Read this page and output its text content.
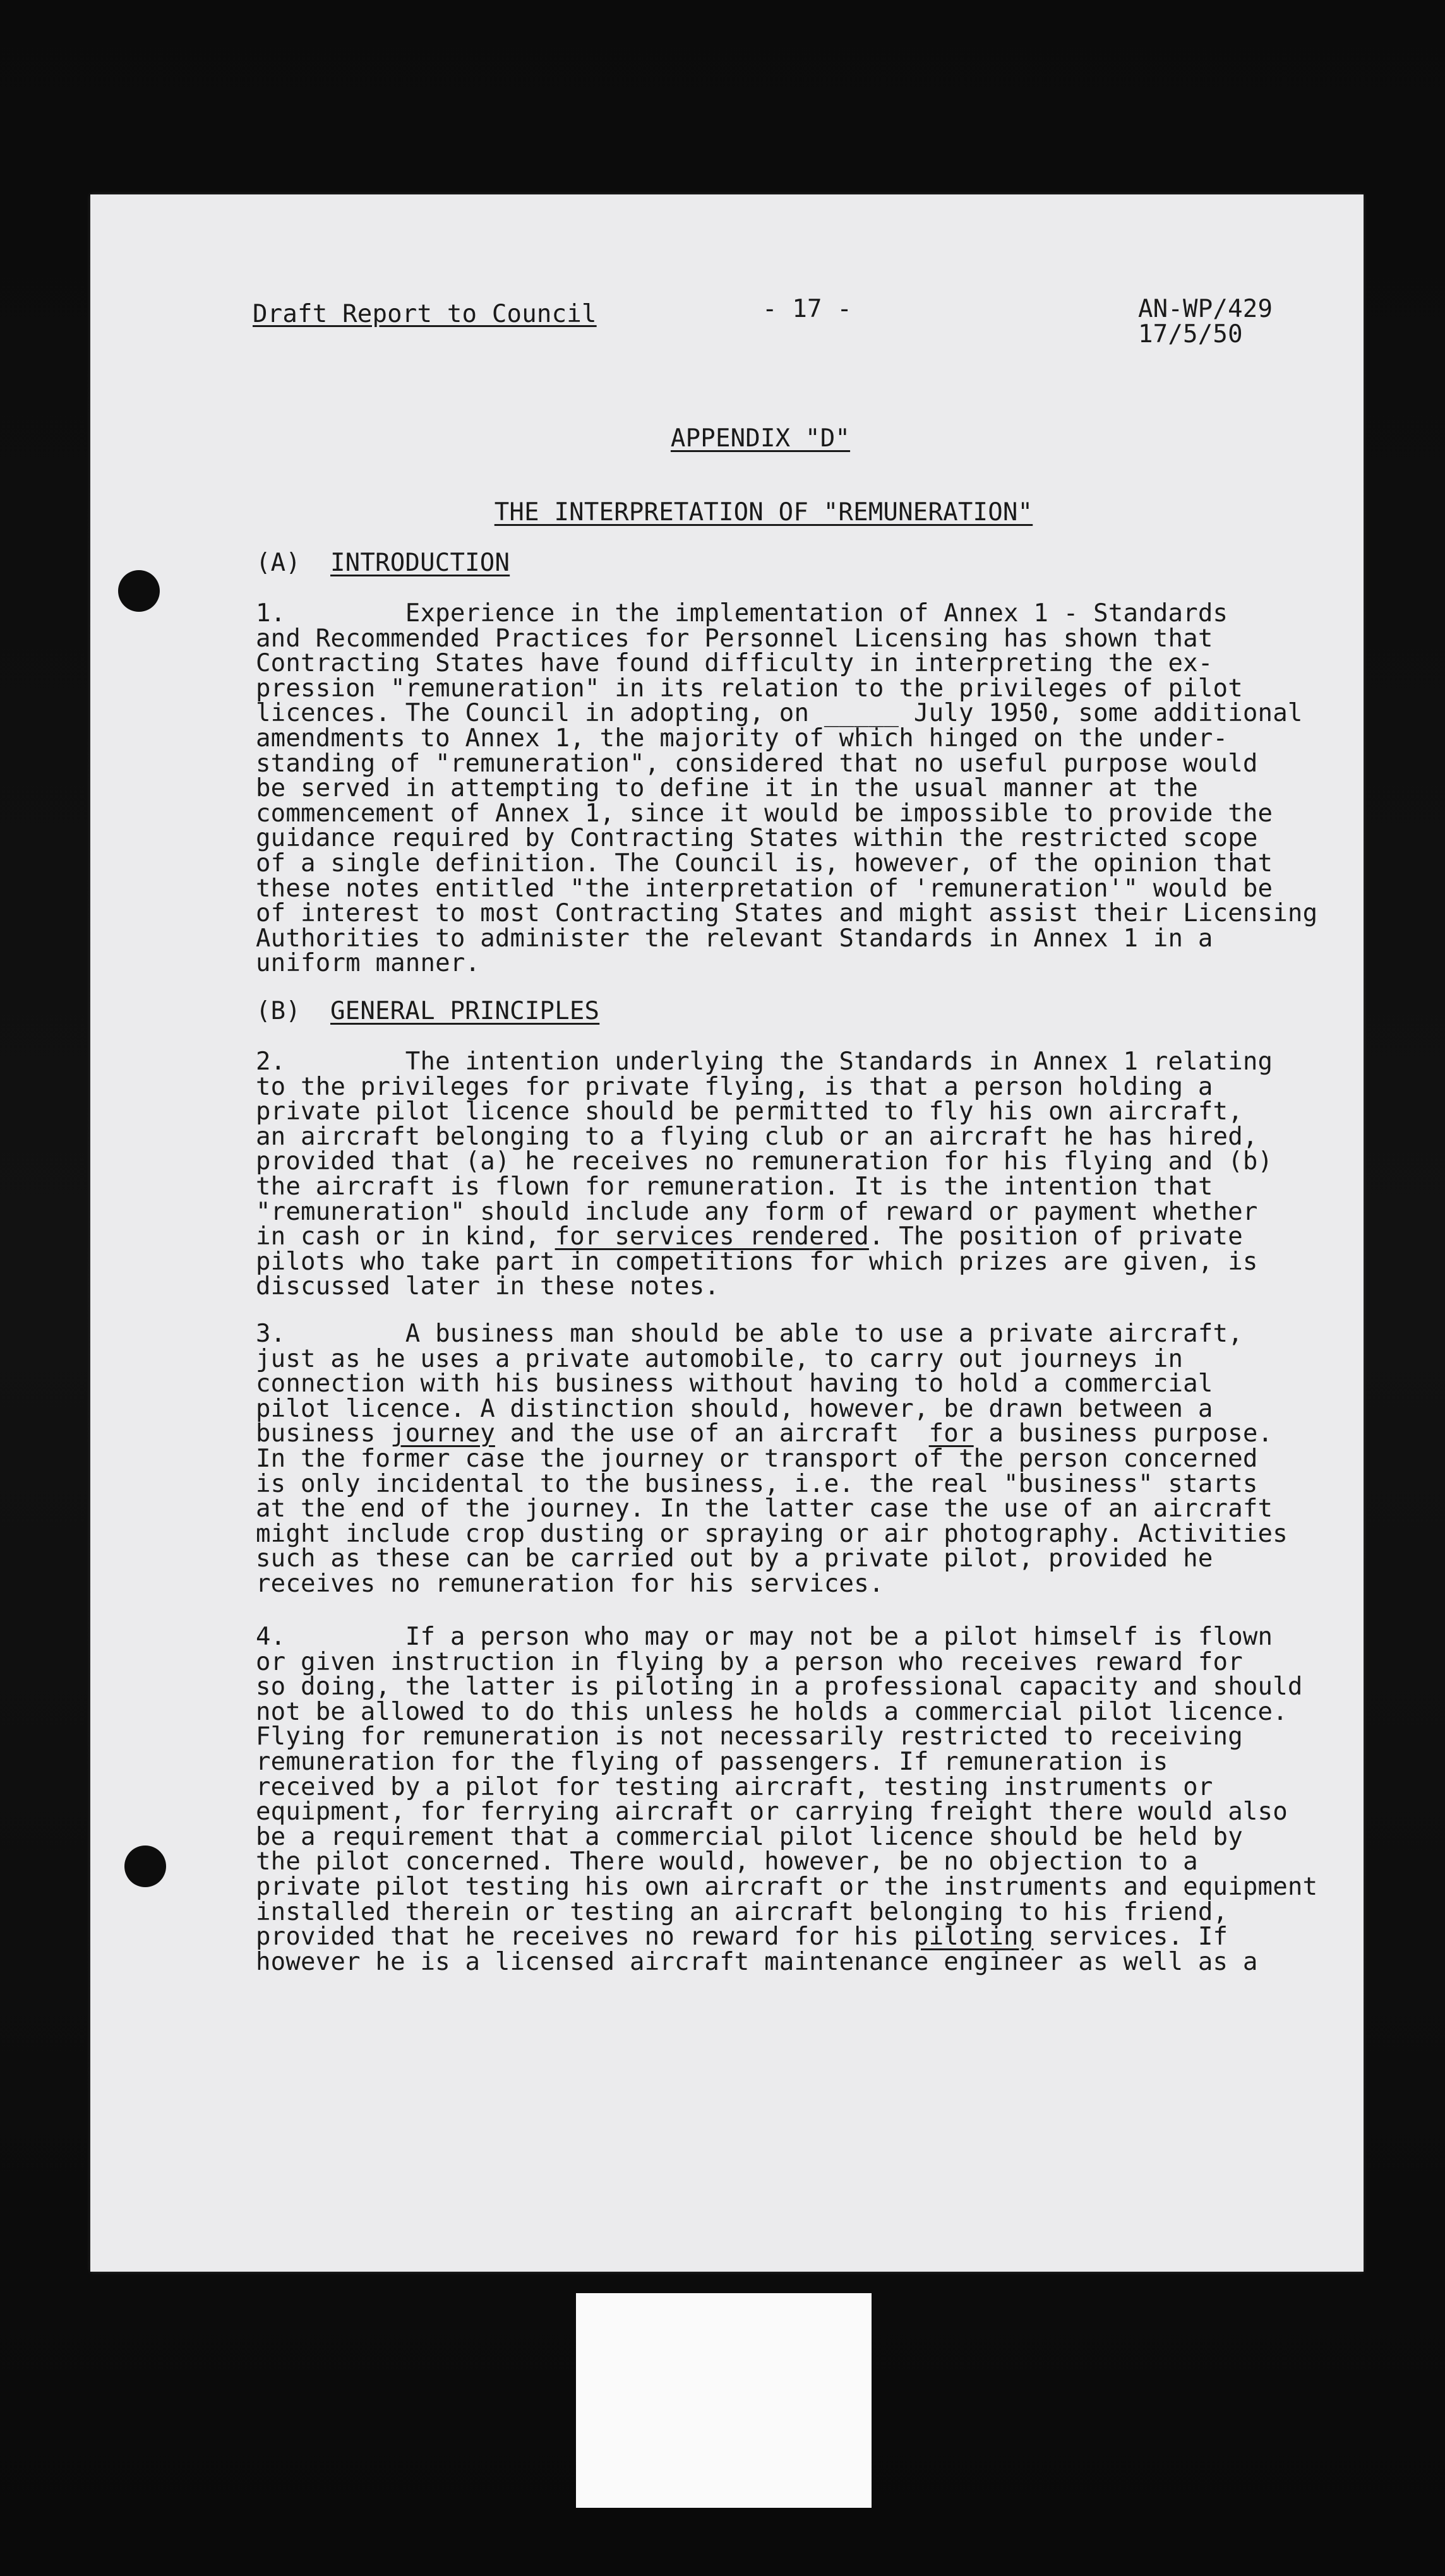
Draft Report to Council	- 17 -	AN-WP/429
17/5/50
APPENDIX "D"
THE INTERPRETATION OF "REMUNERATION"
(A) INTRODUCTION
1.        Experience in the implementation of Annex 1 - Standards
and Recommended Practices for Personnel Licensing has shown that
Contracting States have found difficulty in interpreting the ex-
pression "remuneration" in its relation to the privileges of pilot
licences. The Council in adopting, on _____ July 1950, some additional
amendments to Annex 1, the majority of which hinged on the under-
standing of "remuneration", considered that no useful purpose would
be served in attempting to define it in the usual manner at the
commencement of Annex 1, since it would be impossible to provide the
guidance required by Contracting States within the restricted scope
of a single definition. The Council is, however, of the opinion that
these notes entitled "the interpretation of 'remuneration'" would be
of interest to most Contracting States and might assist their Licensing
Authorities to administer the relevant Standards in Annex 1 in a
uniform manner.
(B) GENERAL PRINCIPLES
2.        The intention underlying the Standards in Annex 1 relating
to the privileges for private flying, is that a person holding a
private pilot licence should be permitted to fly his own aircraft,
an aircraft belonging to a flying club or an aircraft he has hired,
provided that (a) he receives no remuneration for his flying and (b)
the aircraft is flown for remuneration. It is the intention that
"remuneration" should include any form of reward or payment whether
in cash or in kind, for services rendered. The position of private
pilots who take part in competitions for which prizes are given, is
discussed later in these notes.
3.        A business man should be able to use a private aircraft,
just as he uses a private automobile, to carry out journeys in
connection with his business without having to hold a commercial
pilot licence. A distinction should, however, be drawn between a
business journey and the use of an aircraft  for a business purpose.
In the former case the journey or transport of the person concerned
is only incidental to the business, i.e. the real "business" starts
at the end of the journey. In the latter case the use of an aircraft
might include crop dusting or spraying or air photography. Activities
such as these can be carried out by a private pilot, provided he
receives no remuneration for his services.
4.        If a person who may or may not be a pilot himself is flown
or given instruction in flying by a person who receives reward for
so doing, the latter is piloting in a professional capacity and should
not be allowed to do this unless he holds a commercial pilot licence.
Flying for remuneration is not necessarily restricted to receiving
remuneration for the flying of passengers. If remuneration is
received by a pilot for testing aircraft, testing instruments or
equipment, for ferrying aircraft or carrying freight there would also
be a requirement that a commercial pilot licence should be held by
the pilot concerned. There would, however, be no objection to a
private pilot testing his own aircraft or the instruments and equipment
installed therein or testing an aircraft belonging to his friend,
provided that he receives no reward for his piloting services. If
however he is a licensed aircraft maintenance engineer as well as a
